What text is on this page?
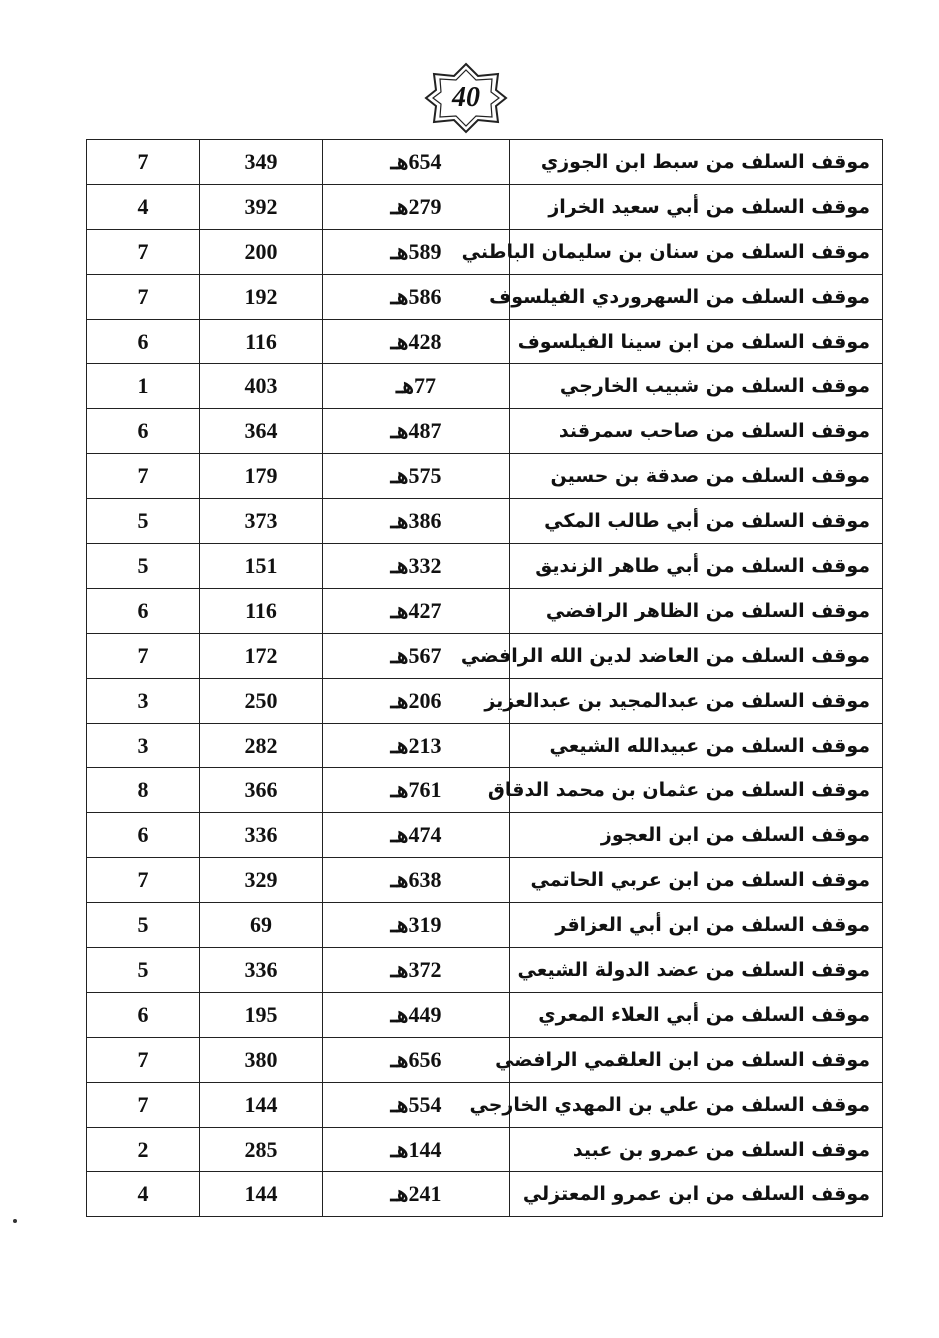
40
7	349	654هـ	موقف السلف من سبط ابن الجوزي
4	392	279هـ	موقف السلف من أبي سعيد الخراز
7	200	589هـ	موقف السلف من سنان بن سليمان الباطني
7	192	586هـ	موقف السلف من السهروردي الفيلسوف
6	116	428هـ	موقف السلف من ابن سينا الفيلسوف
1	403	77هـ	موقف السلف من شبيب الخارجي
6	364	487هـ	موقف السلف من صاحب سمرقند
7	179	575هـ	موقف السلف من صدقة بن حسين
5	373	386هـ	موقف السلف من أبي طالب المكي
5	151	332هـ	موقف السلف من أبي طاهر الزنديق
6	116	427هـ	موقف السلف من الظاهر الرافضي
7	172	567هـ	موقف السلف من العاضد لدين الله الرافضي
3	250	206هـ	موقف السلف من عبدالمجيد بن عبدالعزيز
3	282	213هـ	موقف السلف من عبيدالله الشيعي
8	366	761هـ	موقف السلف من عثمان بن محمد الدقاق
6	336	474هـ	موقف السلف من ابن العجوز
7	329	638هـ	موقف السلف من ابن عربي الحاتمي
5	69	319هـ	موقف السلف من ابن أبي العزاقر
5	336	372هـ	موقف السلف من عضد الدولة الشيعي
6	195	449هـ	موقف السلف من أبي العلاء المعري
7	380	656هـ	موقف السلف من ابن العلقمي الرافضي
7	144	554هـ	موقف السلف من علي بن المهدي الخارجي
2	285	144هـ	موقف السلف من عمرو بن عبيد
4	144	241هـ	موقف السلف من ابن عمرو المعتزلي
